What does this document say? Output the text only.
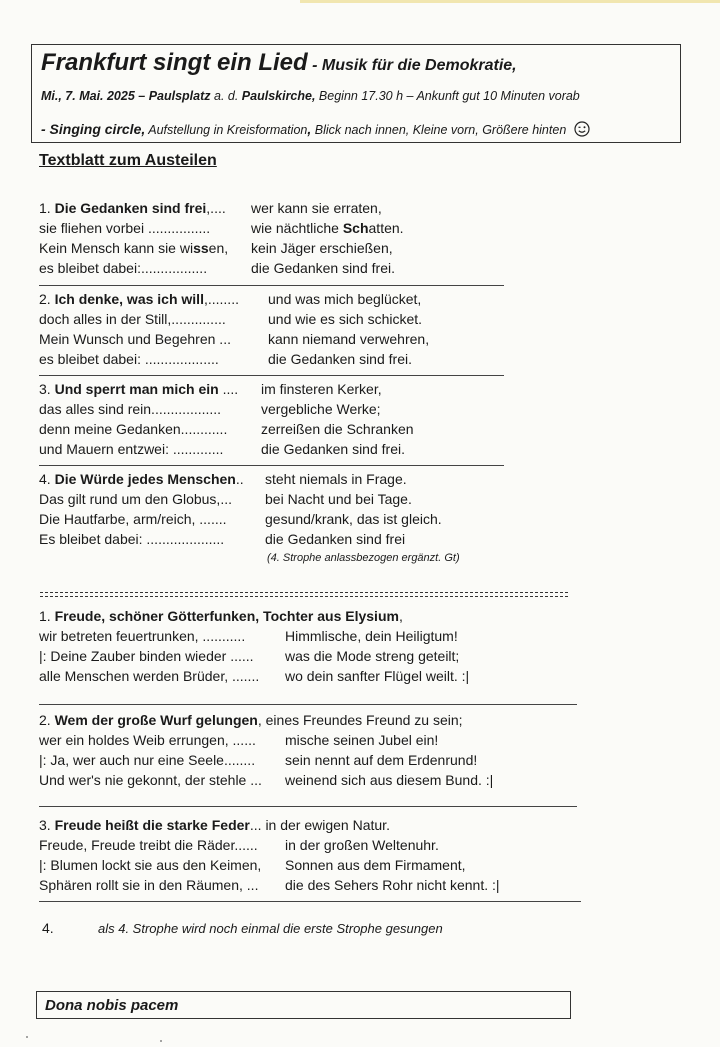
Frankfurt singt ein Lied - Musik für die Demokratie,
Mi., 7. Mai. 2025 – Paulsplatz a. d. Paulskirche, Beginn 17.30 h – Ankunft gut 10 Minuten vorab
- Singing circle, Aufstellung in Kreisformation, Blick nach innen, Kleine vorn, Größere hinten
Textblatt zum Austeilen
1. Die Gedanken sind frei,....	wer kann sie erraten,
sie fliehen vorbei ................	wie nächtliche Schatten.
Kein Mensch kann sie wissen,	kein Jäger erschießen,
es bleibet dabei:.................	die Gedanken sind frei.
2. Ich denke, was ich will,........	und was mich beglücket,
doch alles in der Still,..............	und wie es sich schicket.
Mein Wunsch und Begehren ...	kann niemand verwehren,
es bleibet dabei: ...................	die Gedanken sind frei.
3. Und sperrt man mich ein ....	im finsteren Kerker,
das alles sind rein..................	vergebliche Werke;
denn meine Gedanken............	zerreißen die Schranken
und Mauern entzwei: .............	die Gedanken sind frei.
4. Die Würde jedes Menschen..	steht niemals in Frage.
Das gilt rund um den Globus,...	bei Nacht und bei Tage.
Die Hautfarbe, arm/reich, .......	gesund/krank, das ist gleich.
Es bleibet dabei: ....................	die Gedanken sind frei
(4. Strophe anlassbezogen ergänzt. Gt)
1. Freude, schöner Götterfunken, Tochter aus Elysium,
wir betreten feuertrunken, ...........	Himmlische, dein Heiligtum!
|: Deine Zauber binden wieder ......	was die Mode streng geteilt;
alle Menschen werden Brüder, .......	wo dein sanfter Flügel weilt. :|
2. Wem der große Wurf gelungen, eines Freundes Freund zu sein;
wer ein holdes Weib errungen, ......	mische seinen Jubel ein!
|: Ja, wer auch nur eine Seele........	sein nennt auf dem Erdenrund!
Und wer's nie gekonnt, der stehle ...	weinend sich aus diesem Bund. :|
3. Freude heißt die starke Feder... in der ewigen Natur.
Freude, Freude treibt die Räder......	in der großen Weltenuhr.
|: Blumen lockt sie aus den Keimen,	Sonnen aus dem Firmament,
Sphären rollt sie in den Räumen, ...	die des Sehers Rohr nicht kennt. :|
4.	als 4. Strophe wird noch einmal die erste Strophe gesungen
Dona nobis pacem
